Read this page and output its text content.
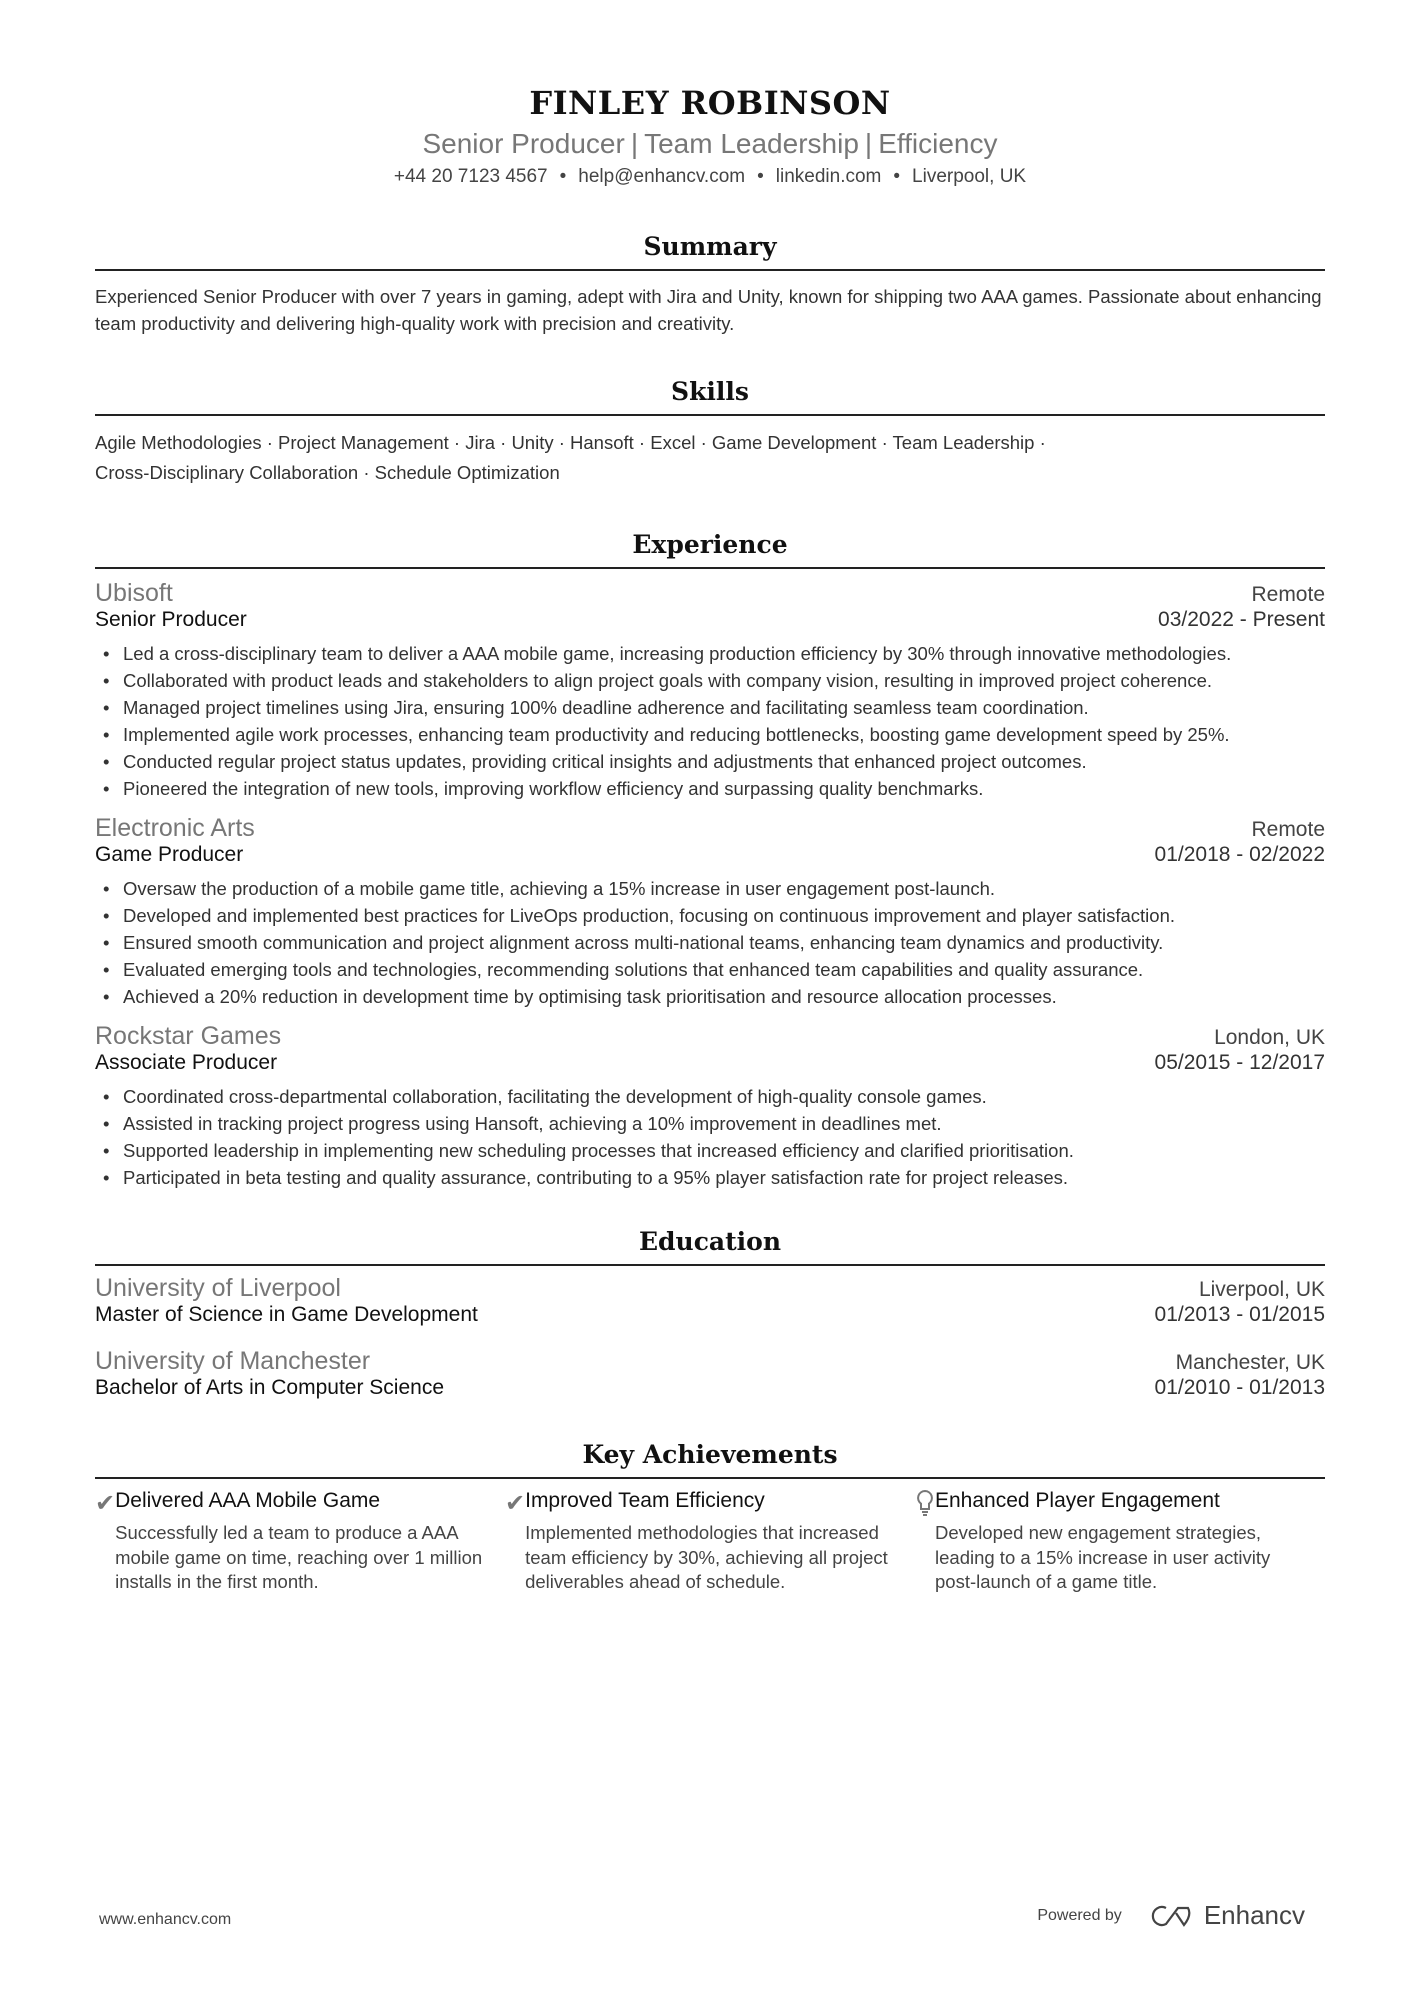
FINLEY ROBINSON
Senior Producer | Team Leadership | Efficiency
+44 20 7123 4567 • help@enhancv.com • linkedin.com • Liverpool, UK
Summary
Experienced Senior Producer with over 7 years in gaming, adept with Jira and Unity, known for shipping two AAA games. Passionate about enhancing team productivity and delivering high-quality work with precision and creativity.
Skills
Agile Methodologies · Project Management · Jira · Unity · Hansoft · Excel · Game Development · Team Leadership ·
Cross-Disciplinary Collaboration · Schedule Optimization
Experience
Ubisoft	Remote
Senior Producer	03/2022 - Present
• Led a cross-disciplinary team to deliver a AAA mobile game, increasing production efficiency by 30% through innovative methodologies.
• Collaborated with product leads and stakeholders to align project goals with company vision, resulting in improved project coherence.
• Managed project timelines using Jira, ensuring 100% deadline adherence and facilitating seamless team coordination.
• Implemented agile work processes, enhancing team productivity and reducing bottlenecks, boosting game development speed by 25%.
• Conducted regular project status updates, providing critical insights and adjustments that enhanced project outcomes.
• Pioneered the integration of new tools, improving workflow efficiency and surpassing quality benchmarks.
Electronic Arts	Remote
Game Producer	01/2018 - 02/2022
• Oversaw the production of a mobile game title, achieving a 15% increase in user engagement post-launch.
• Developed and implemented best practices for LiveOps production, focusing on continuous improvement and player satisfaction.
• Ensured smooth communication and project alignment across multi-national teams, enhancing team dynamics and productivity.
• Evaluated emerging tools and technologies, recommending solutions that enhanced team capabilities and quality assurance.
• Achieved a 20% reduction in development time by optimising task prioritisation and resource allocation processes.
Rockstar Games	London, UK
Associate Producer	05/2015 - 12/2017
• Coordinated cross-departmental collaboration, facilitating the development of high-quality console games.
• Assisted in tracking project progress using Hansoft, achieving a 10% improvement in deadlines met.
• Supported leadership in implementing new scheduling processes that increased efficiency and clarified prioritisation.
• Participated in beta testing and quality assurance, contributing to a 95% player satisfaction rate for project releases.
Education
University of Liverpool	Liverpool, UK
Master of Science in Game Development	01/2013 - 01/2015
University of Manchester	Manchester, UK
Bachelor of Arts in Computer Science	01/2010 - 01/2013
Key Achievements
✔ Delivered AAA Mobile Game
Successfully led a team to produce a AAA mobile game on time, reaching over 1 million installs in the first month.
✔ Improved Team Efficiency
Implemented methodologies that increased team efficiency by 30%, achieving all project deliverables ahead of schedule.
Enhanced Player Engagement
Developed new engagement strategies, leading to a 15% increase in user activity post-launch of a game title.
www.enhancv.com	Powered by	Enhancv
